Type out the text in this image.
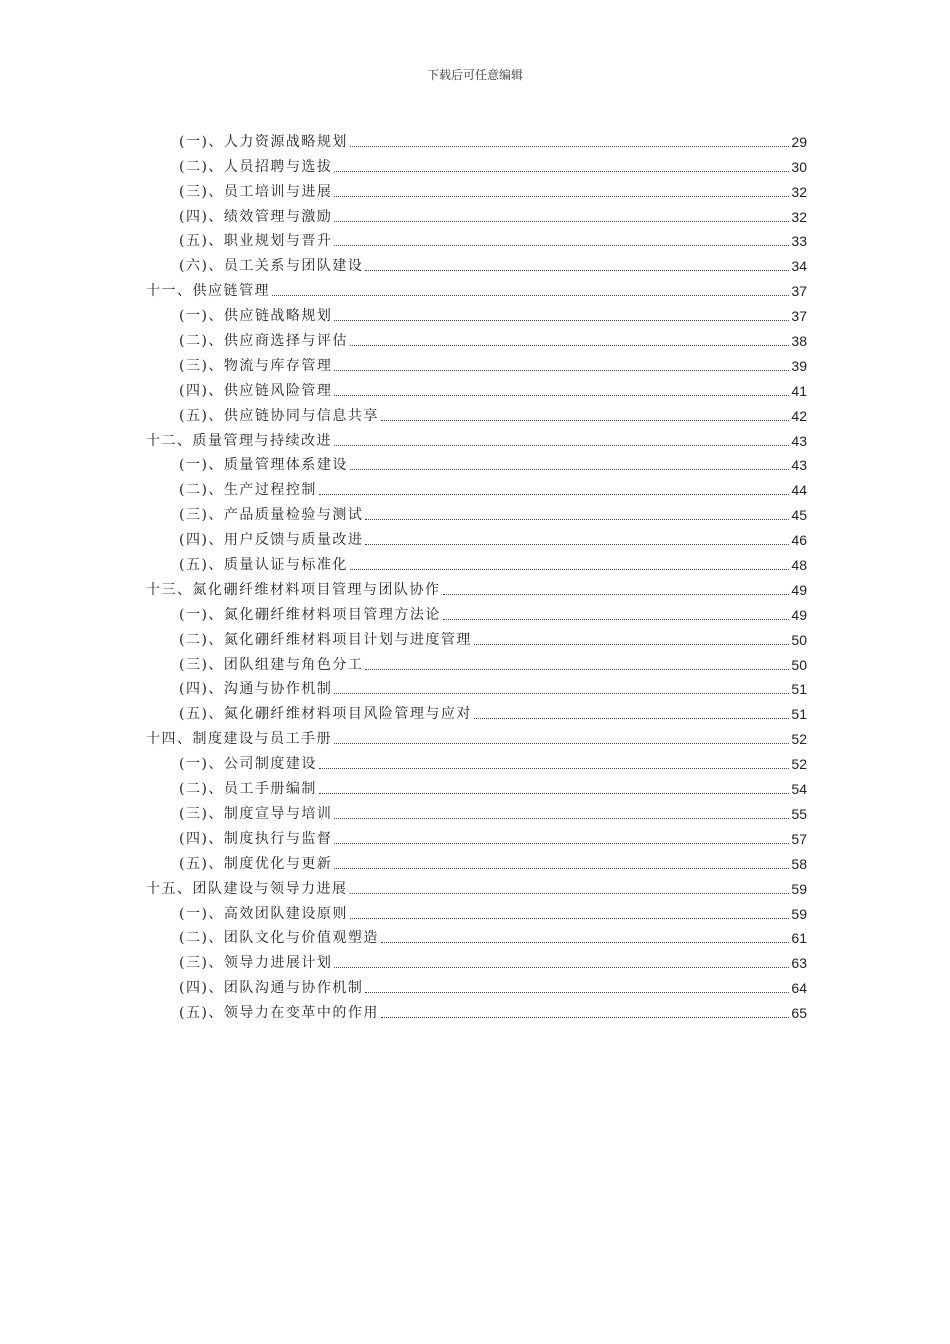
下载后可任意编辑
(一)、人力资源战略规划	29
(二)、人员招聘与选拔	30
(三)、员工培训与进展	32
(四)、绩效管理与激励	32
(五)、职业规划与晋升	33
(六)、员工关系与团队建设	34
十一、供应链管理	37
(一)、供应链战略规划	37
(二)、供应商选择与评估	38
(三)、物流与库存管理	39
(四)、供应链风险管理	41
(五)、供应链协同与信息共享	42
十二、质量管理与持续改进	43
(一)、质量管理体系建设	43
(二)、生产过程控制	44
(三)、产品质量检验与测试	45
(四)、用户反馈与质量改进	46
(五)、质量认证与标准化	48
十三、氮化硼纤维材料项目管理与团队协作	49
(一)、氮化硼纤维材料项目管理方法论	49
(二)、氮化硼纤维材料项目计划与进度管理	50
(三)、团队组建与角色分工	50
(四)、沟通与协作机制	51
(五)、氮化硼纤维材料项目风险管理与应对	51
十四、制度建设与员工手册	52
(一)、公司制度建设	52
(二)、员工手册编制	54
(三)、制度宣导与培训	55
(四)、制度执行与监督	57
(五)、制度优化与更新	58
十五、团队建设与领导力进展	59
(一)、高效团队建设原则	59
(二)、团队文化与价值观塑造	61
(三)、领导力进展计划	63
(四)、团队沟通与协作机制	64
(五)、领导力在变革中的作用	65
